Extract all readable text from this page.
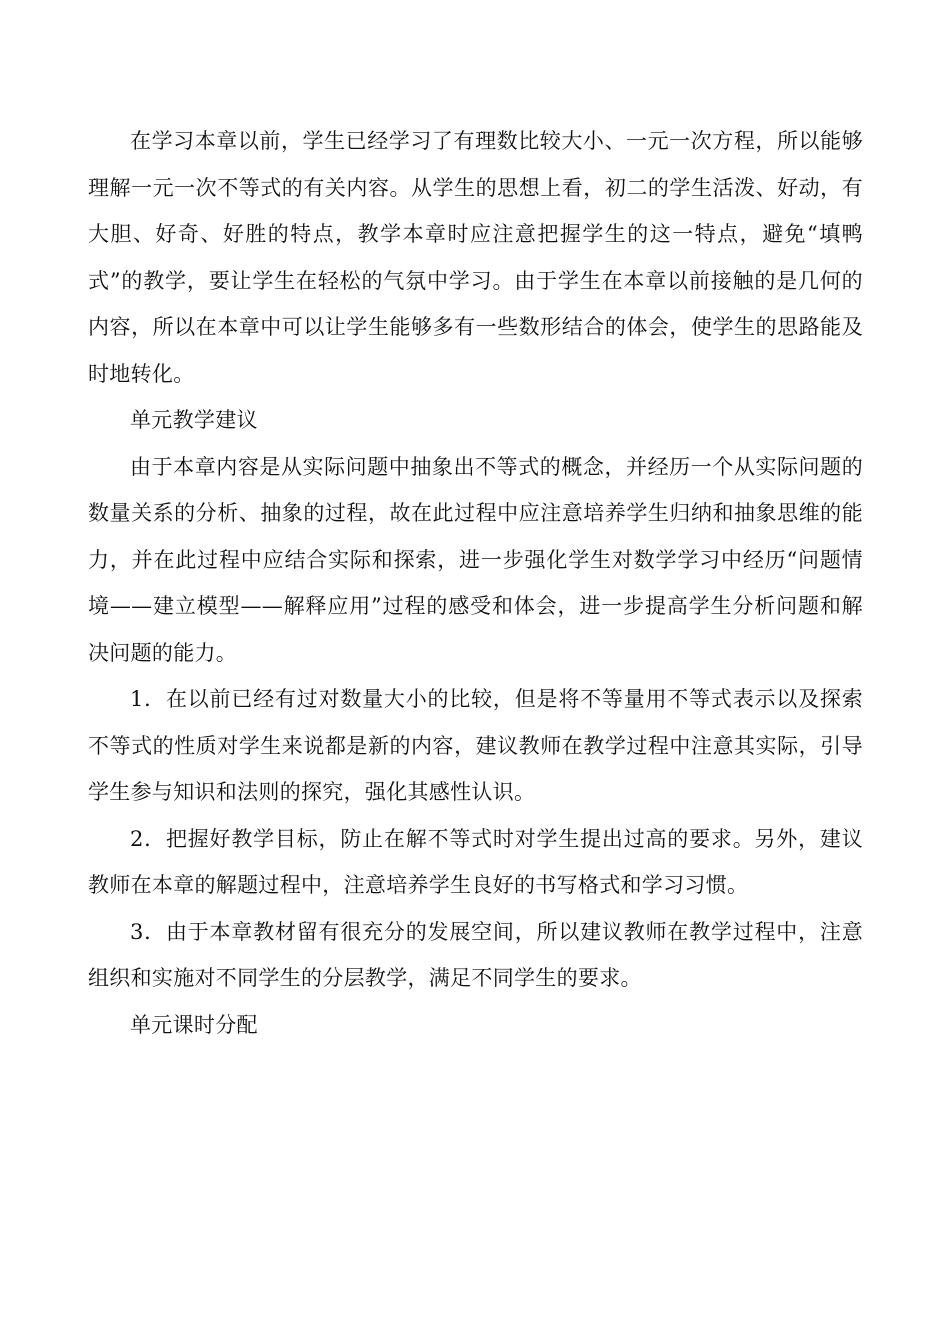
在学习本章以前，学生已经学习了有理数比较大小、一元一次方程，所以能够理解一元一次不等式的有关内容。从学生的思想上看，初二的学生活泼、好动，有大胆、好奇、好胜的特点，教学本章时应注意把握学生的这一特点，避免“填鸭式”的教学，要让学生在轻松的气氛中学习。由于学生在本章以前接触的是几何的内容，所以在本章中可以让学生能够多有一些数形结合的体会，使学生的思路能及时地转化。

单元教学建议

由于本章内容是从实际问题中抽象出不等式的概念，并经历一个从实际问题的数量关系的分析、抽象的过程，故在此过程中应注意培养学生归纳和抽象思维的能力，并在此过程中应结合实际和探索，进一步强化学生对数学学习中经历“问题情境——建立模型——解释应用”过程的感受和体会，进一步提高学生分析问题和解决问题的能力。

1．在以前已经有过对数量大小的比较，但是将不等量用不等式表示以及探索不等式的性质对学生来说都是新的内容，建议教师在教学过程中注意其实际，引导学生参与知识和法则的探究，强化其感性认识。

2．把握好教学目标，防止在解不等式时对学生提出过高的要求。另外，建议教师在本章的解题过程中，注意培养学生良好的书写格式和学习习惯。

3．由于本章教材留有很充分的发展空间，所以建议教师在教学过程中，注意组织和实施对不同学生的分层教学，满足不同学生的要求。

单元课时分配
